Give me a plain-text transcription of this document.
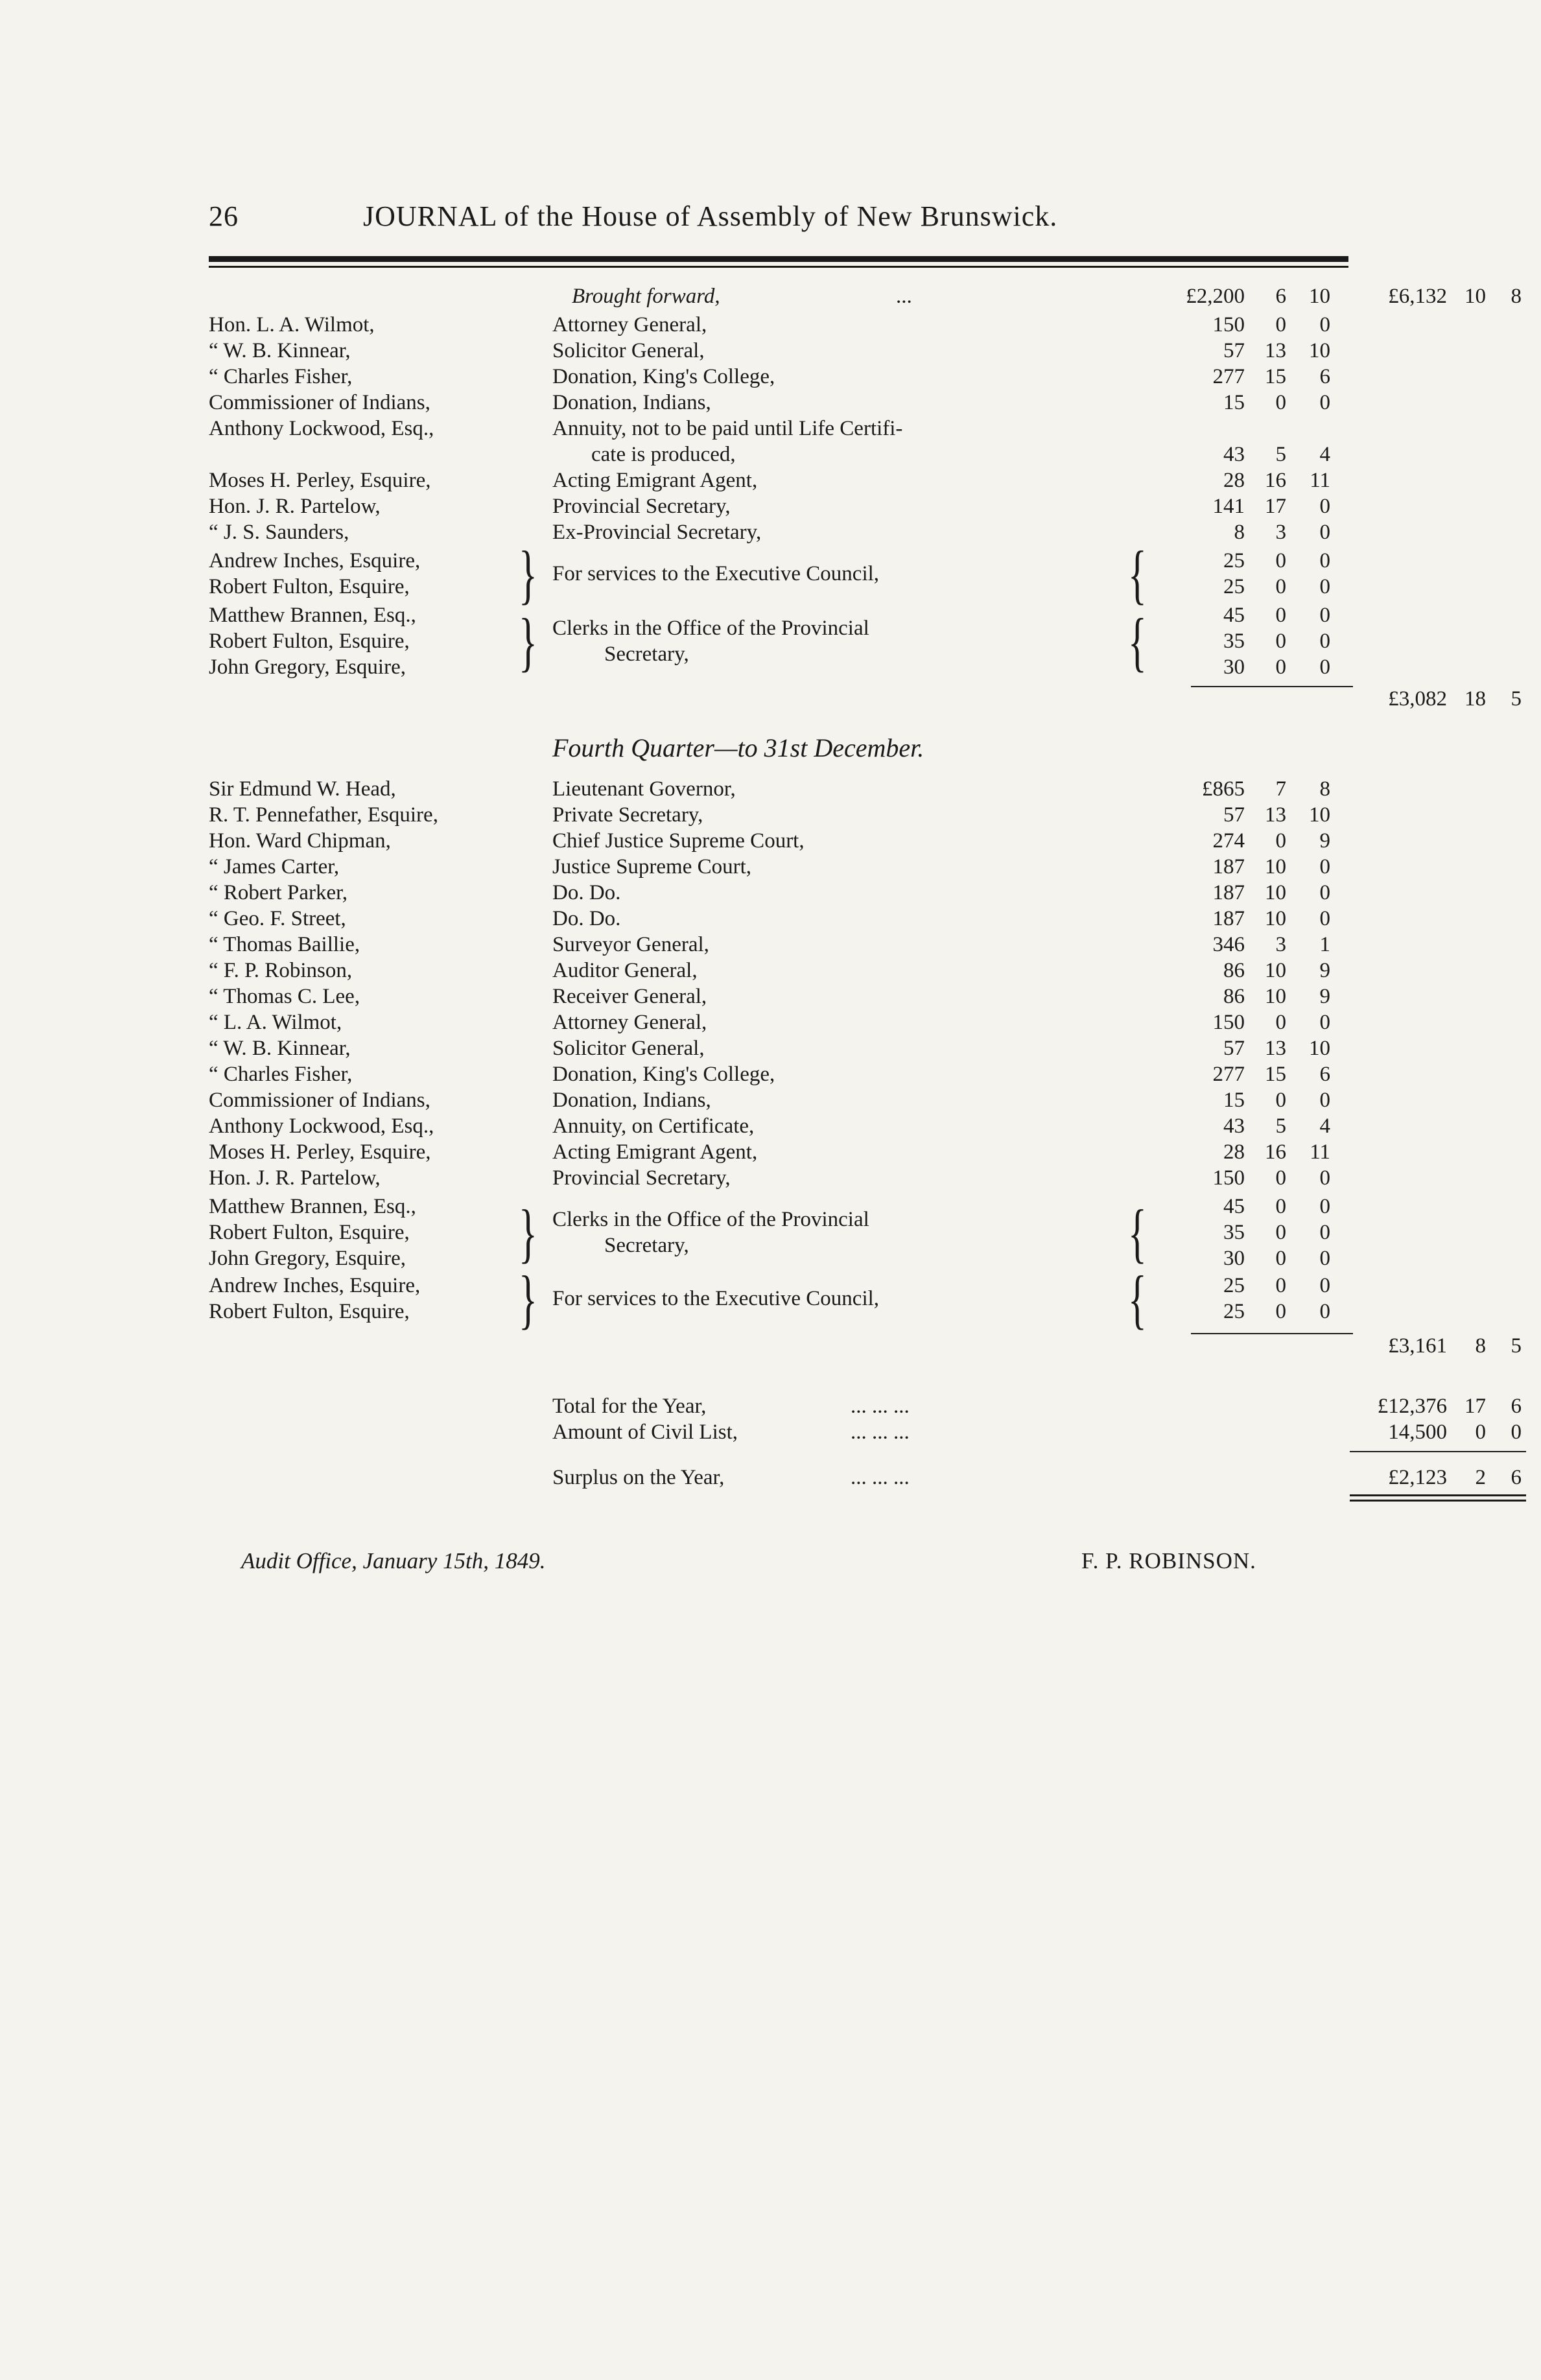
26	JOURNAL of the House of Assembly of New Brunswick.
Brought forward,	...	£2,200	6	10	£6,132 10	8
Hon. L. A. Wilmot,	Attorney General,	150	0	0
“ W. B. Kinnear,	Solicitor General,	57 13	10
“ Charles Fisher,	Donation, King's College,	277 15	6
Commissioner of Indians,	Donation, Indians,	15	0	0
Anthony Lockwood, Esq.,	Annuity, not to be paid until Life Certifi-
cate is produced,	43	5	4
Moses H. Perley, Esquire,	Acting Emigrant Agent,	28 16	11
Hon. J. R. Partelow,	Provincial Secretary,	141 17	0
“ J. S. Saunders,	Ex-Provincial Secretary,	8	3	0
Andrew Inches, Esquire,	25	0	0
Robert Fulton, Esquire,	25	0	0
}	{
For services to the Executive Council,
Matthew Brannen, Esq.,	45	0	0
Robert Fulton, Esquire,	35	0	0
John Gregory, Esquire,	30	0	0
}	{
Clerks in the Office of the Provincial
Secretary,
£3,082 18	5
Fourth Quarter—to 31st December.
Sir Edmund W. Head,	Lieutenant Governor,	£865	7	8
R. T. Pennefather, Esquire,	Private Secretary,	57 13	10
Hon. Ward Chipman,	Chief Justice Supreme Court,	274	0	9
“ James Carter,	Justice Supreme Court,	187 10	0
“ Robert Parker,	Do. Do.	187 10	0
“ Geo. F. Street,	Do. Do.	187 10	0
“ Thomas Baillie,	Surveyor General,	346	3	1
“ F. P. Robinson,	Auditor General,	86 10	9
“ Thomas C. Lee,	Receiver General,	86 10	9
“ L. A. Wilmot,	Attorney General,	150	0	0
“ W. B. Kinnear,	Solicitor General,	57 13	10
“ Charles Fisher,	Donation, King's College,	277 15	6
Commissioner of Indians,	Donation, Indians,	15	0	0
Anthony Lockwood, Esq.,	Annuity, on Certificate,	43	5	4
Moses H. Perley, Esquire,	Acting Emigrant Agent,	28 16	11
Hon. J. R. Partelow,	Provincial Secretary,	150	0	0
Matthew Brannen, Esq.,	45	0	0
Robert Fulton, Esquire,	35	0	0
John Gregory, Esquire,	30	0	0
}	{
Clerks in the Office of the Provincial
Secretary,
Andrew Inches, Esquire,	25	0	0
Robert Fulton, Esquire,	25	0	0
}	{
For services to the Executive Council,
£3,161	8	5
Total for the Year,	... ... ...	£12,376 17	6
Amount of Civil List,	... ... ...	14,500	0	0
Surplus on the Year,	... ... ...	£2,123	2	6
Audit Office, January 15th, 1849.	F. P. ROBINSON.
